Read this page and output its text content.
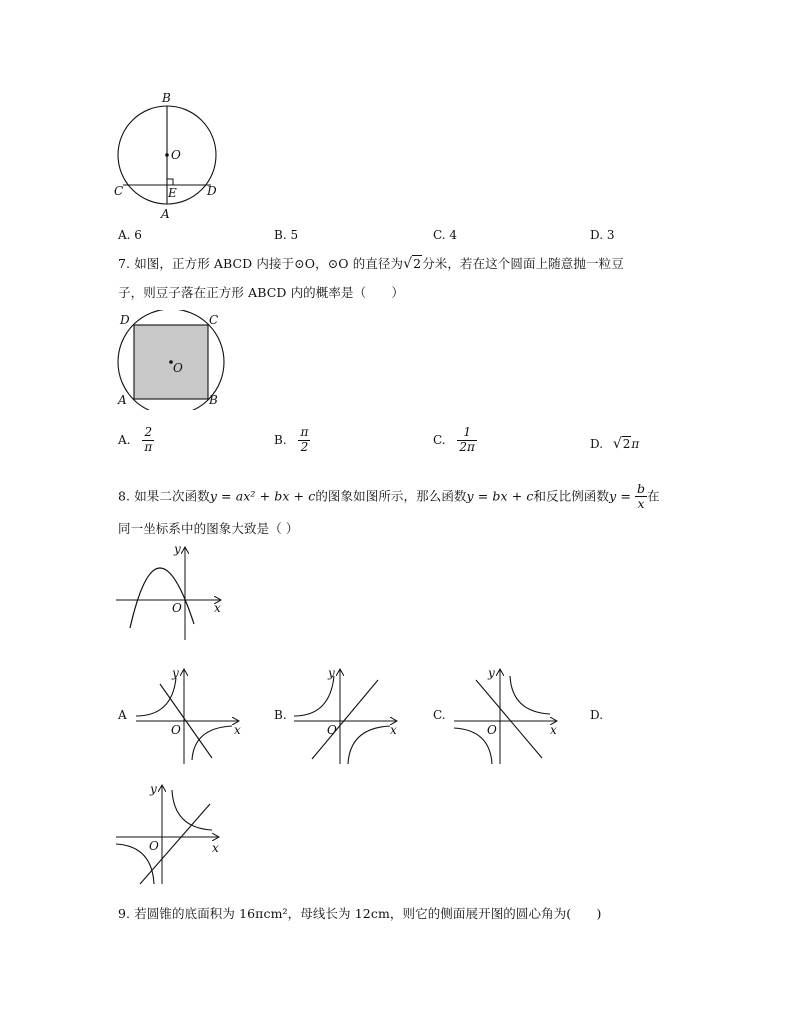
B
O
C	E	D
A
A. 6	B. 5	C. 4	D. 3
7. 如图，正方形 ABCD 内接于⊙O，⊙O 的直径为√2分米，若在这个圆面上随意抛一粒豆
子，则豆子落在正方形 ABCD 内的概率是（　　）
D	C
O
A	B
A. $\frac{2}{\pi}$	B. $\frac{\pi}{2}$	C. $\frac{1}{2\pi}$	D. √2π
8. 如果二次函数y = ax² + bx + c的图象如图所示，那么函数y = bx + c和反比例函数$y = \frac{b}{x}$ 在
同一坐标系中的图象大致是（ ）
y
x
O
A
y
x
O
B.
y
x
O
C.
y
x
O
D.
y
x
O
9. 若圆锥的底面积为 16πcm²，母线长为 12cm，则它的侧面展开图的圆心角为(　　)
